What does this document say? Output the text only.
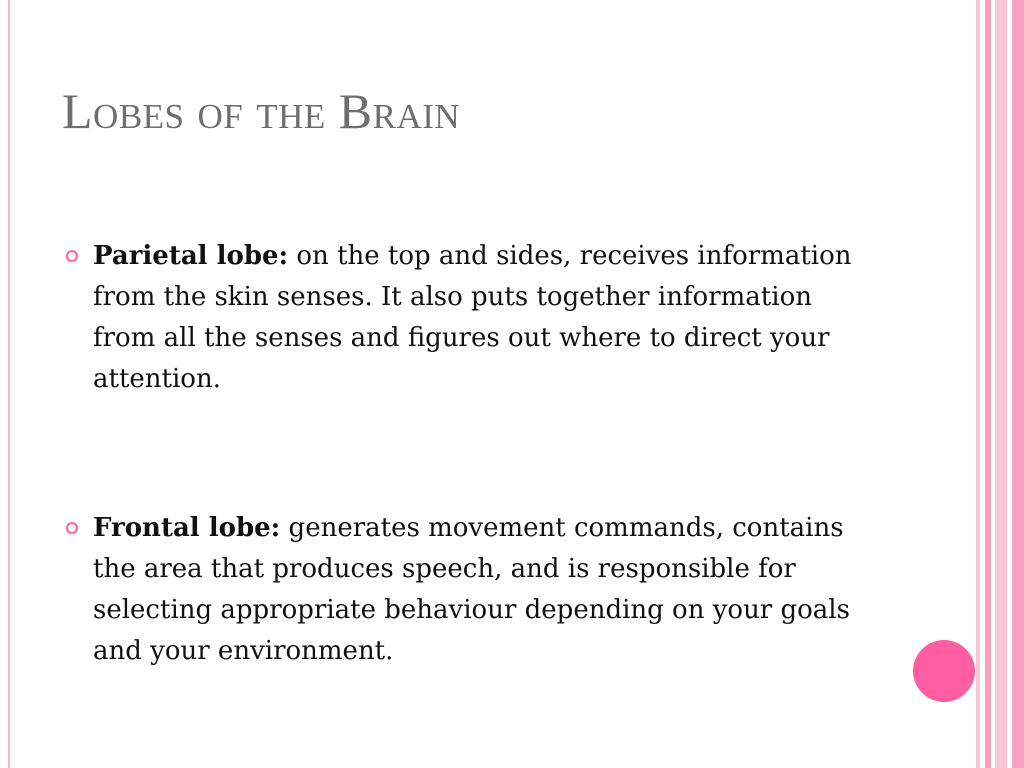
Lobes of the Brain
Parietal lobe: on the top and sides, receives information from the skin senses. It also puts together information from all the senses and figures out where to direct your attention.
Frontal lobe: generates movement commands, contains the area that produces speech, and is responsible for selecting appropriate behaviour depending on your goals and your environment.
